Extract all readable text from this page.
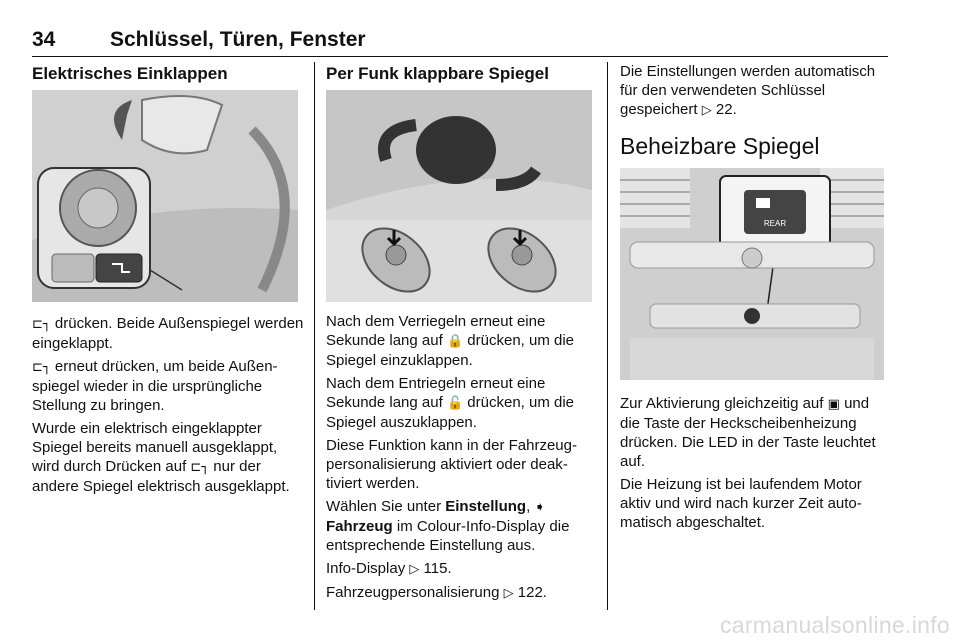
34	Schlüssel, Türen, Fenster
Elektrisches Einklappen

⊏┐ drücken. Beide Außenspiegel werden eingeklappt.

⊏┐ erneut drücken, um beide Außenspiegel wieder in die ursprüngliche Stellung zu bringen.

Wurde ein elektrisch eingeklappter Spiegel bereits manuell ausgeklappt, wird durch Drücken auf ⊏┐ nur der andere Spiegel elektrisch ausgeklappt.

Per Funk klappbare Spiegel

Nach dem Verriegeln erneut eine Sekunde lang auf 🔒 drücken, um die Spiegel einzuklappen.

Nach dem Entriegeln erneut eine Sekunde lang auf 🔓 drücken, um die Spiegel auszuklappen.

Diese Funktion kann in der Fahrzeugpersonalisierung aktiviert oder deaktiviert werden.

Wählen Sie unter Einstellung, ➧
Fahrzeug im Colour-Info-Display die entsprechende Einstellung aus.

Info-Display ▷ 115.

Fahrzeugpersonalisierung ▷ 122.

Die Einstellungen werden automatisch für den verwendeten Schlüssel gespeichert ▷ 22.

Beheizbare Spiegel
REAR

Zur Aktivierung gleichzeitig auf ▣ und die Taste der Heckscheibenheizung drücken. Die LED in der Taste leuchtet auf.

Die Heizung ist bei laufendem Motor aktiv und wird nach kurzer Zeit automatisch abgeschaltet.

carmanualsonline.info
